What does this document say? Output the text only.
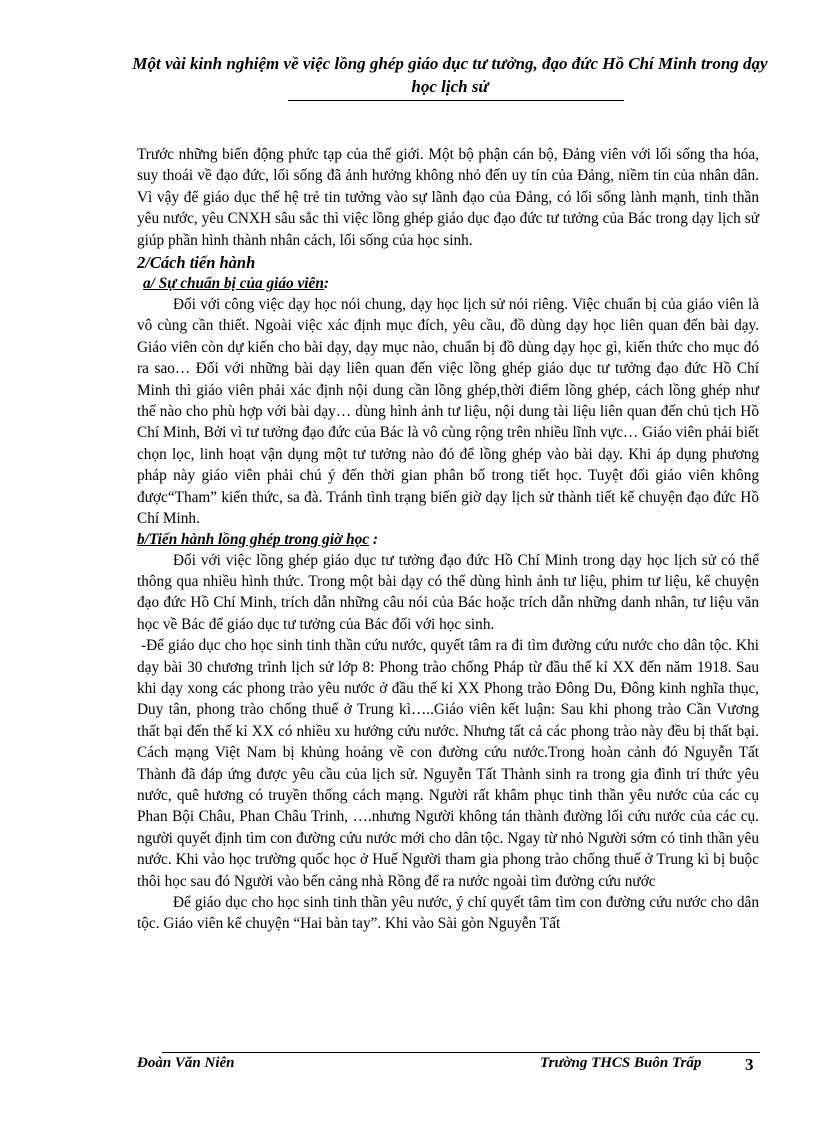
Một vài kinh nghiệm về việc lồng ghép giáo dục tư tưởng, đạo đức Hồ Chí Minh trong dạy học lịch sử

Trước những biến động phức tạp của thế giới. Một bộ phận cán bộ, Đảng viên với lối sống tha hóa, suy thoái về đạo đức, lối sống đã ảnh hưởng không nhỏ đến uy tín của Đảng, niềm tin của nhân dân. Vì vậy để giáo dục thế hệ trẻ tin tưởng vào sự lãnh đạo của Đảng, có lối sống lành mạnh, tinh thần yêu nước, yêu CNXH sâu sắc thì việc lồng ghép giáo dục đạo đức tư tưởng của Bác trong dạy lịch sử giúp phần hình thành nhân cách, lối sống của học sinh.

2/Cách tiến hành

a/ Sự chuẩn bị của giáo viên:

Đối với công việc dạy học nói chung, dạy học lịch sử nói riêng. Việc chuẩn bị của giáo viên là vô cùng cần thiết. Ngoài việc xác định mục đích, yêu cầu, đồ dùng dạy học liên quan đến bài dạy. Giáo viên còn dự kiến cho bài dạy, dạy mục nào, chuẩn bị đồ dùng dạy học gì, kiến thức cho mục đó ra sao… Đối với những bài dạy liên quan đến việc lồng ghép giáo dục tư tưởng đạo đức Hồ Chí Minh thì giáo viên phải xác định nội dung cần lồng ghép,thời điểm lồng ghép, cách lồng ghép như thế nào cho phù hợp với bài dạy… dùng hình ảnh tư liệu, nội dung tài liệu liên quan đến chủ tịch Hồ Chí Minh, Bởi vì tư tưởng đạo đức của Bác là vô cùng rộng trên nhiều lĩnh vực… Giáo viên phải biết chọn lọc, linh hoạt vận dụng một tư tưởng nào đó để lồng ghép vào bài dạy. Khi áp dụng phương pháp này giáo viên phải chú ý đến thời gian phân bố trong tiết học. Tuyệt đối giáo viên không được“Tham” kiến thức, sa đà. Tránh tình trạng biến giờ dạy lịch sử thành tiết kể chuyện đạo đức Hồ Chí Minh.

b/Tiến hành lồng ghép trong giờ học :

Đối với việc lồng ghép giáo dục tư tưởng đạo đức Hồ Chí Minh trong dạy học lịch sử có thể thông qua nhiều hình thức. Trong một bài dạy có thể dùng hình ảnh tư liệu, phim tư liệu, kể chuyện đạo đức Hồ Chí Minh, trích dẫn những câu nói của Bác hoặc trích dẫn những danh nhân, tư liệu văn học về Bác để giáo dục tư tưởng của Bác đối với học sinh.

-Để giáo dục cho học sinh tinh thần cứu nước, quyết tâm ra đi tìm đường cứu nước cho dân tộc. Khi dạy bài 30 chương trình lịch sử lớp 8: Phong trào chống Pháp từ đầu thế kỉ XX đến năm 1918. Sau khi dạy xong các phong trào yêu nước ở đầu thế kỉ XX Phong trào Đông Du, Đông kinh nghĩa thục, Duy tân, phong trào chống thuế ở Trung kì…..Giáo viên kết luận: Sau khi phong trào Cần Vương thất bại đến thế kỉ XX có nhiều xu hướng cứu nước. Nhưng tất cả các phong trào này đều bị thất bại. Cách mạng Việt Nam bị khủng hoảng về con đường cứu nước.Trong hoàn cảnh đó Nguyễn Tất Thành đã đáp ứng được yêu cầu của lịch sử. Nguyễn Tất Thành sinh ra trong gia đình trí thức yêu nước, quê hương có truyền thống cách mạng. Người rất khâm phục tinh thần yêu nước của các cụ Phan Bội Châu, Phan Châu Trinh, ….nhưng Người không tán thành đường lối cứu nước của các cụ. người quyết định tìm con đường cứu nước mới cho dân tộc. Ngay từ nhỏ Người sớm có tinh thần yêu nước. Khi vào học trường quốc học ở Huế Người tham gia phong trào chống thuế ở Trung kì bị buộc thôi học sau đó Người vào bến cảng nhà Rồng để ra nước ngoài tìm đường cứu nước

Để giáo dục cho học sinh tinh thần yêu nước, ý chí quyết tâm tìm con đường cứu nước cho dân tộc. Giáo viên kể chuyện “Hai bàn tay”. Khi vào Sài gòn Nguyễn Tất

Đoàn Văn Niên	Trường THCS Buôn Trấp	3
